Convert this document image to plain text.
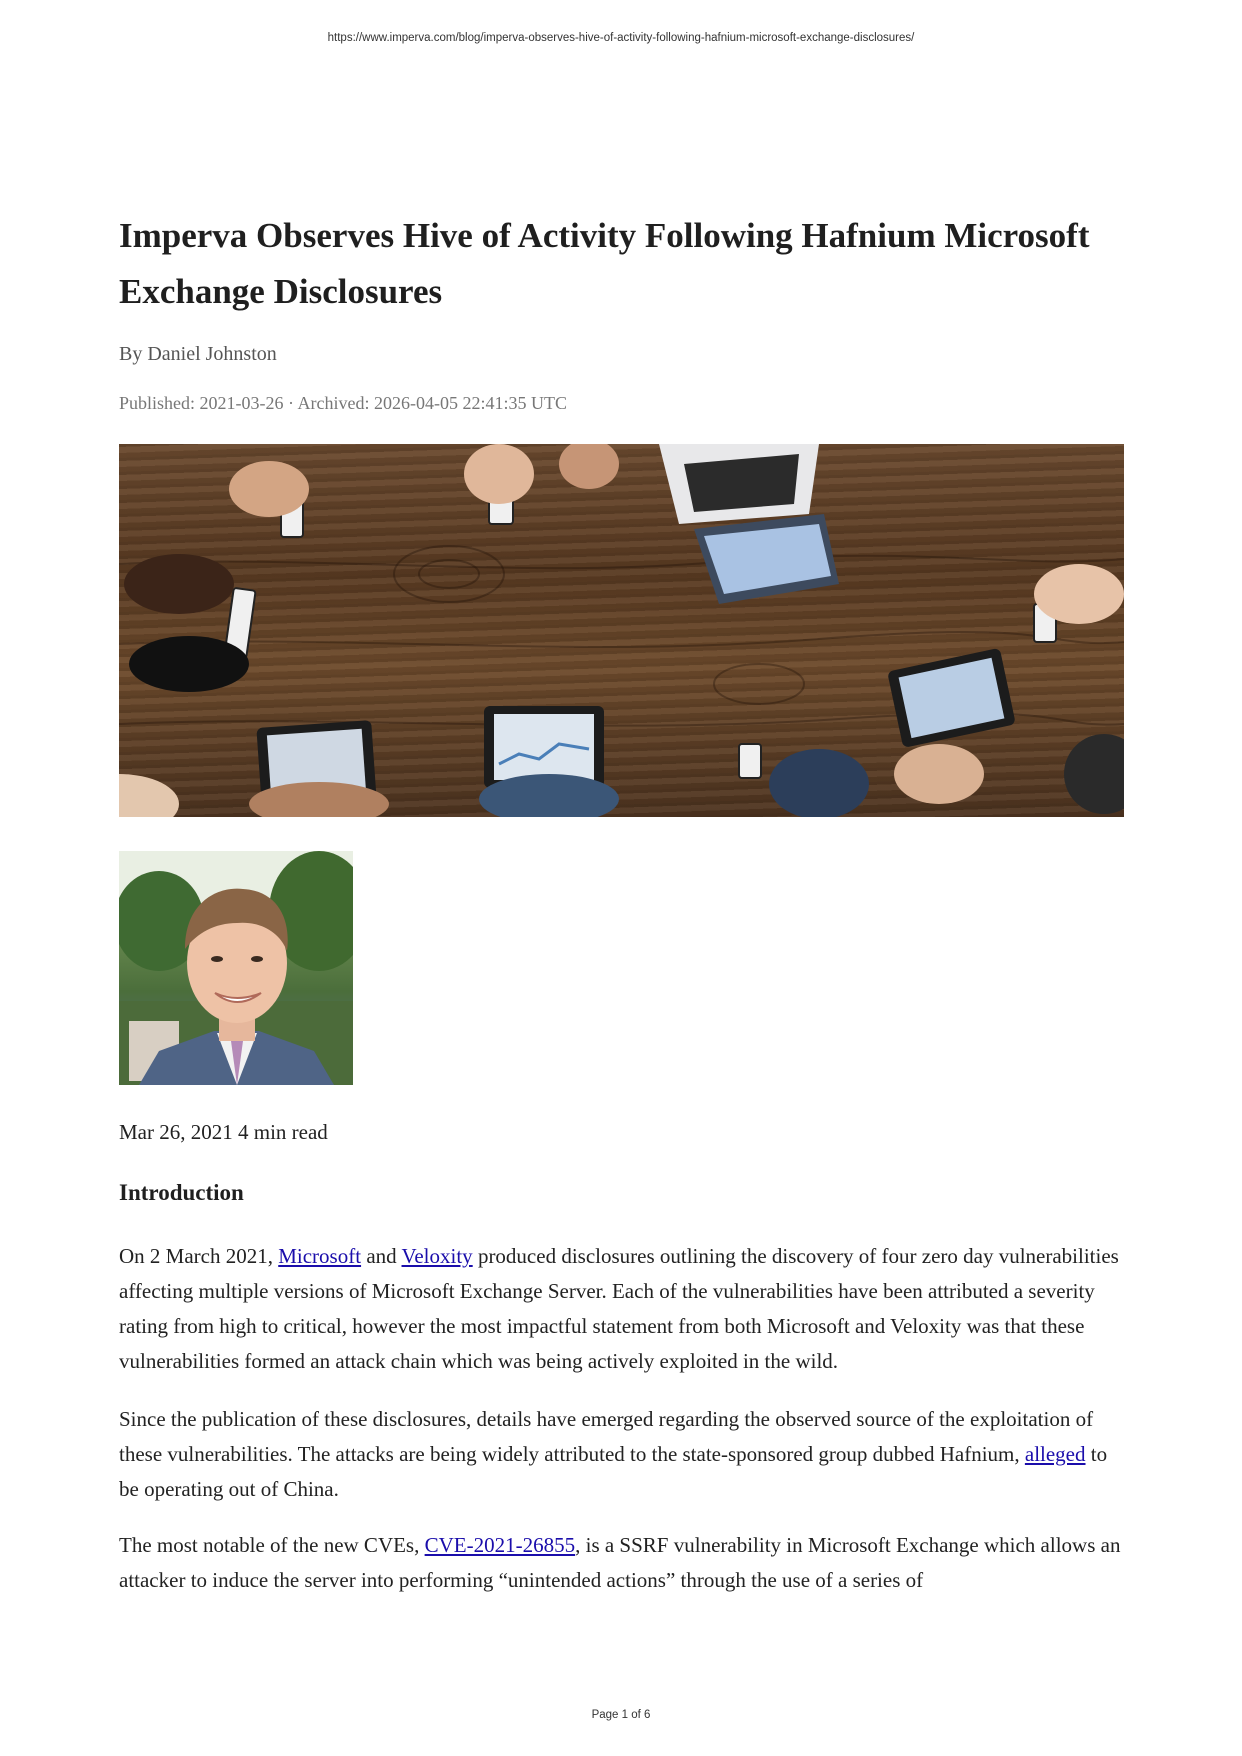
https://www.imperva.com/blog/imperva-observes-hive-of-activity-following-hafnium-microsoft-exchange-disclosures/
Imperva Observes Hive of Activity Following Hafnium Microsoft
Exchange Disclosures
By Daniel Johnston
Published: 2021-03-26 · Archived: 2026-04-05 22:41:35 UTC
Mar 26, 2021 4 min read
Introduction

On 2 March 2021, Microsoft and Veloxity produced disclosures outlining the discovery of four zero day vulnerabilities affecting multiple versions of Microsoft Exchange Server. Each of the vulnerabilities have been attributed a severity rating from high to critical, however the most impactful statement from both Microsoft and Veloxity was that these vulnerabilities formed an attack chain which was being actively exploited in the wild.

Since the publication of these disclosures, details have emerged regarding the observed source of the exploitation of these vulnerabilities. The attacks are being widely attributed to the state-sponsored group dubbed Hafnium, alleged to be operating out of China.

The most notable of the new CVEs, CVE-2021-26855, is a SSRF vulnerability in Microsoft Exchange which allows an attacker to induce the server into performing “unintended actions” through the use of a series of

Page 1 of 6
